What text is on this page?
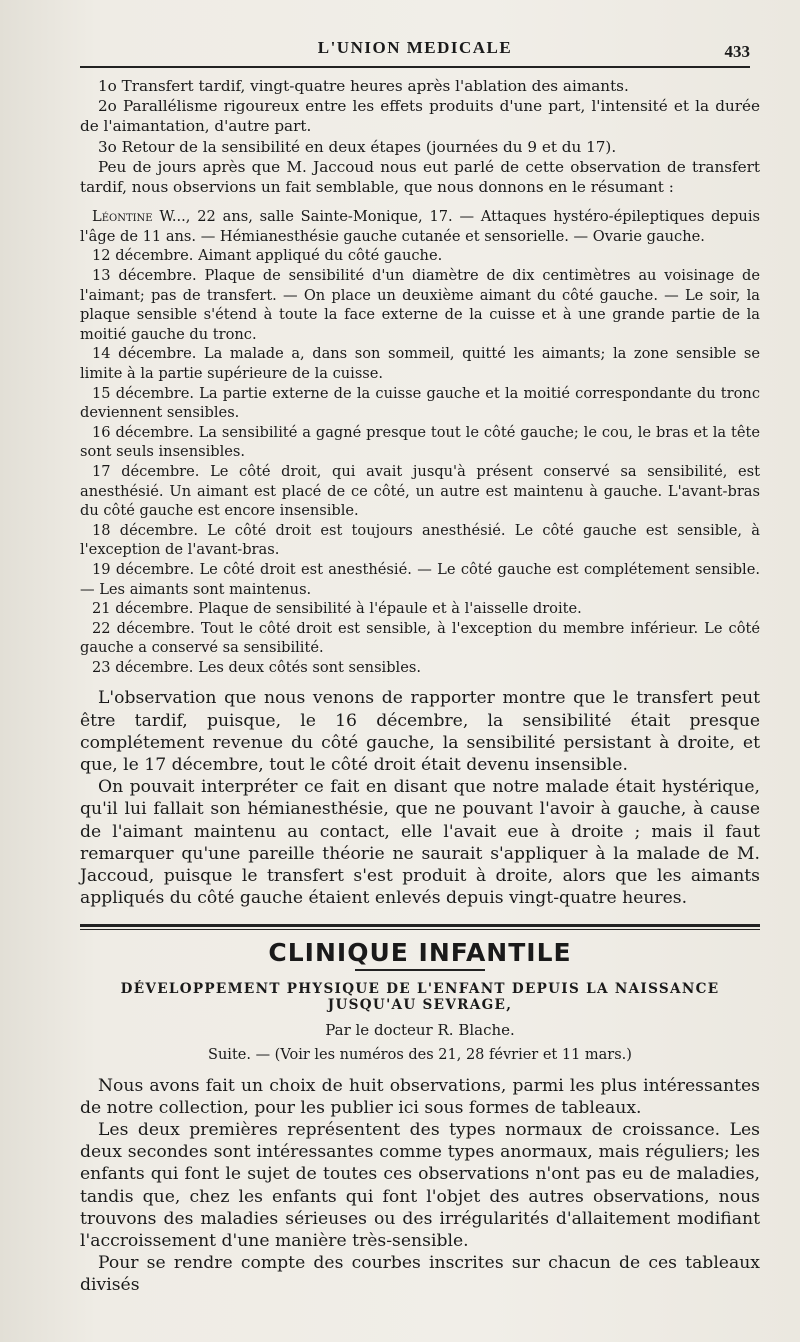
L'UNION MEDICALE	433

1o Transfert tardif, vingt-quatre heures après l'ablation des aimants.

2o Parallélisme rigoureux entre les effets produits d'une part, l'intensité et la durée de l'aimantation, d'autre part.

3o Retour de la sensibilité en deux étapes (journées du 9 et du 17).

Peu de jours après que M. Jaccoud nous eut parlé de cette observation de transfert tardif, nous observions un fait semblable, que nous donnons en le résumant :

Léontine W..., 22 ans, salle Sainte-Monique, 17. — Attaques hystéro-épileptiques depuis l'âge de 11 ans. — Hémianesthésie gauche cutanée et sensorielle. — Ovarie gauche.

12 décembre. Aimant appliqué du côté gauche.

13 décembre. Plaque de sensibilité d'un diamètre de dix centimètres au voisinage de l'aimant; pas de transfert. — On place un deuxième aimant du côté gauche. — Le soir, la plaque sensible s'étend à toute la face externe de la cuisse et à une grande partie de la moitié gauche du tronc.

14 décembre. La malade a, dans son sommeil, quitté les aimants; la zone sensible se limite à la partie supérieure de la cuisse.

15 décembre. La partie externe de la cuisse gauche et la moitié correspondante du tronc deviennent sensibles.

16 décembre. La sensibilité a gagné presque tout le côté gauche; le cou, le bras et la tête sont seuls insensibles.

17 décembre. Le côté droit, qui avait jusqu'à présent conservé sa sensibilité, est anesthésié. Un aimant est placé de ce côté, un autre est maintenu à gauche. L'avant-bras du côté gauche est encore insensible.

18 décembre. Le côté droit est toujours anesthésié. Le côté gauche est sensible, à l'exception de l'avant-bras.

19 décembre. Le côté droit est anesthésié. — Le côté gauche est complétement sensible. — Les aimants sont maintenus.

21 décembre. Plaque de sensibilité à l'épaule et à l'aisselle droite.

22 décembre. Tout le côté droit est sensible, à l'exception du membre inférieur. Le côté gauche a conservé sa sensibilité.

23 décembre. Les deux côtés sont sensibles.

L'observation que nous venons de rapporter montre que le transfert peut être tardif, puisque, le 16 décembre, la sensibilité était presque complétement revenue du côté gauche, la sensibilité persistant à droite, et que, le 17 décembre, tout le côté droit était devenu insensible.

On pouvait interpréter ce fait en disant que notre malade était hystérique, qu'il lui fallait son hémianesthésie, que ne pouvant l'avoir à gauche, à cause de l'aimant maintenu au contact, elle l'avait eue à droite ; mais il faut remarquer qu'une pareille théorie ne saurait s'appliquer à la malade de M. Jaccoud, puisque le transfert s'est produit à droite, alors que les aimants appliqués du côté gauche étaient enlevés depuis vingt-quatre heures.

CLINIQUE INFANTILE
DÉVELOPPEMENT PHYSIQUE DE L'ENFANT DEPUIS LA NAISSANCE JUSQU'AU SEVRAGE,
Par le docteur R. Blache.
Suite. — (Voir les numéros des 21, 28 février et 11 mars.)

Nous avons fait un choix de huit observations, parmi les plus intéressantes de notre collection, pour les publier ici sous formes de tableaux.

Les deux premières représentent des types normaux de croissance. Les deux secondes sont intéressantes comme types anormaux, mais réguliers; les enfants qui font le sujet de toutes ces observations n'ont pas eu de maladies, tandis que, chez les enfants qui font l'objet des autres observations, nous trouvons des maladies sérieuses ou des irrégularités d'allaitement modifiant l'accroissement d'une manière très-sensible.

Pour se rendre compte des courbes inscrites sur chacun de ces tableaux divisés
